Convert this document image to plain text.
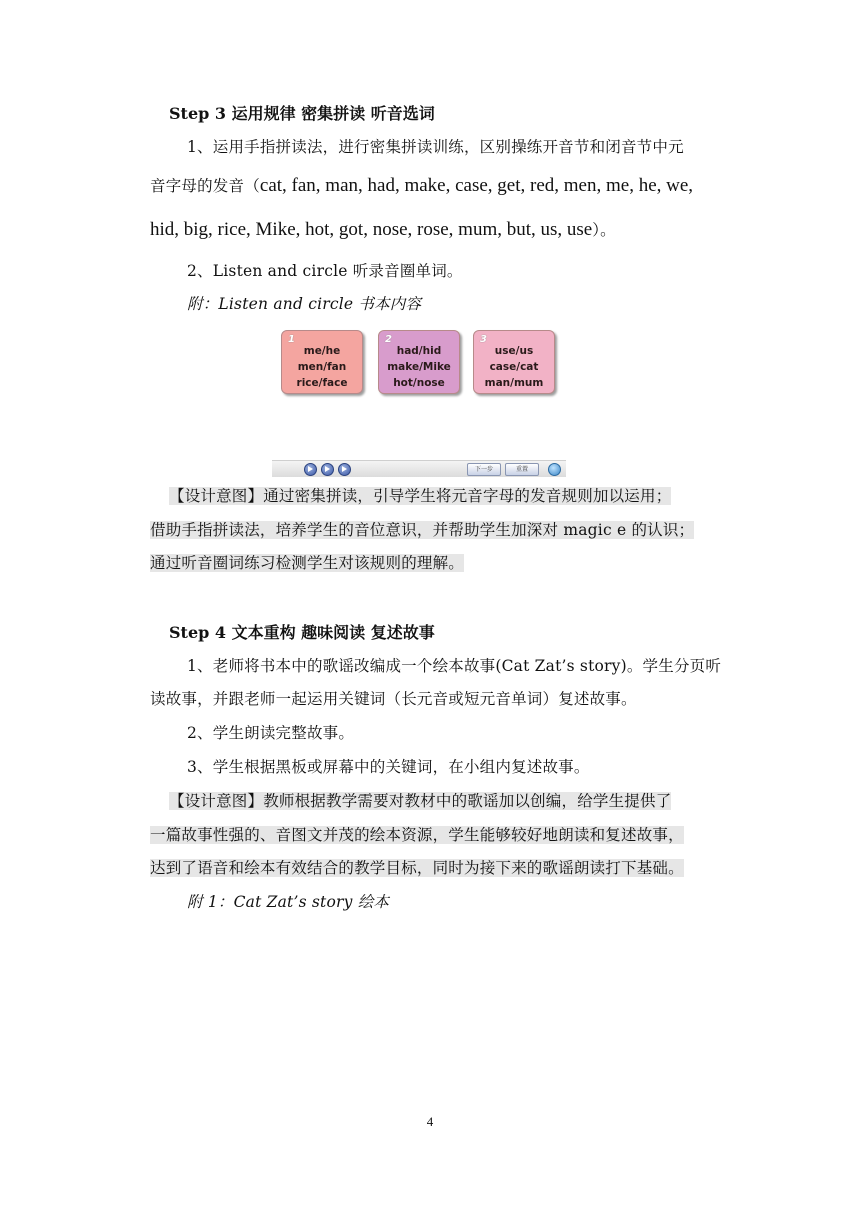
Step 3 运用规律 密集拼读 听音选词
1、运用手指拼读法，进行密集拼读训练，区别操练开音节和闭音节中元
音字母的发音（cat, fan, man, had, make, case, get, red, men, me, he, we,
hid, big, rice, Mike, hot, got, nose, rose, mum, but, us, use）。
2、Listen and circle 听录音圈单词。
附：Listen and circle 书本内容
1
me/he
men/fan
rice/face
2
had/hid
make/Mike
hot/nose
3
use/us
case/cat
man/mum
下一步	重置
【设计意图】通过密集拼读，引导学生将元音字母的发音规则加以运用；
借助手指拼读法，培养学生的音位意识，并帮助学生加深对 magic e 的认识；
通过听音圈词练习检测学生对该规则的理解。
Step 4 文本重构 趣味阅读 复述故事
1、老师将书本中的歌谣改编成一个绘本故事(Cat Zat’s story)。学生分页听
读故事，并跟老师一起运用关键词（长元音或短元音单词）复述故事。
2、学生朗读完整故事。
3、学生根据黑板或屏幕中的关键词，在小组内复述故事。
【设计意图】教师根据教学需要对教材中的歌谣加以创编，给学生提供了
一篇故事性强的、音图文并茂的绘本资源，学生能够较好地朗读和复述故事，
达到了语音和绘本有效结合的教学目标，同时为接下来的歌谣朗读打下基础。
附 1：Cat Zat’s story 绘本
4
